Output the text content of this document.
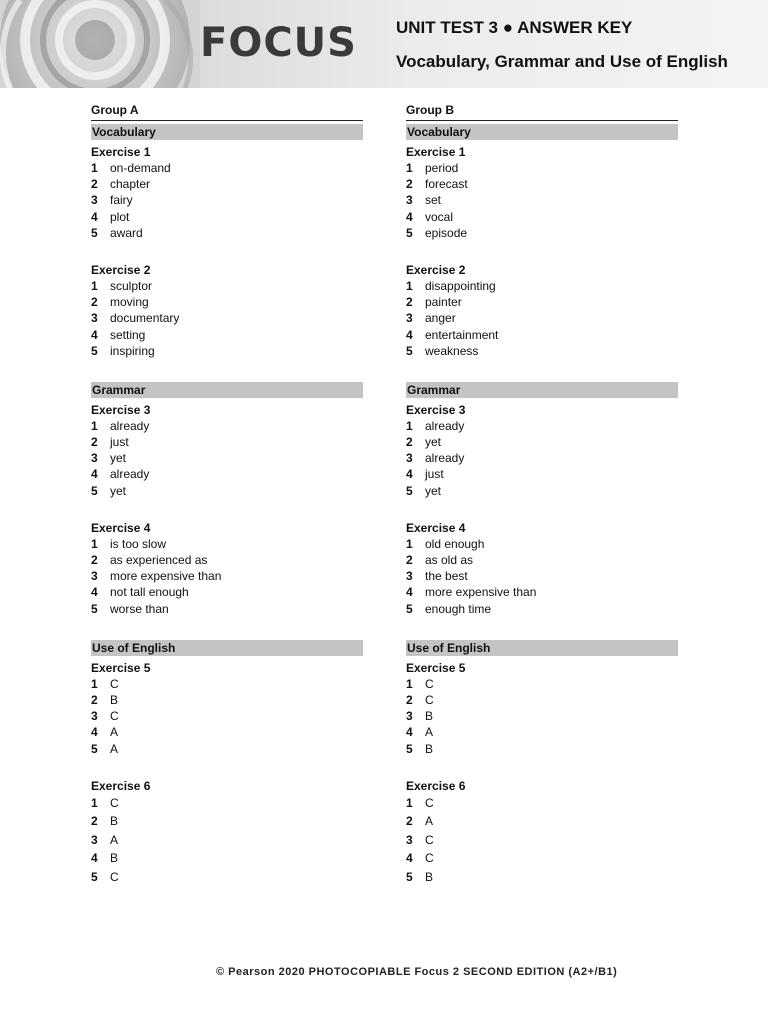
FOCUS UNIT TEST 3 ● ANSWER KEY
Vocabulary, Grammar and Use of English
Group A
Vocabulary
Exercise 1
1 on-demand
2 chapter
3 fairy
4 plot
5 award
Exercise 2
1 sculptor
2 moving
3 documentary
4 setting
5 inspiring
Grammar
Exercise 3
1 already
2 just
3 yet
4 already
5 yet
Exercise 4
1 is too slow
2 as experienced as
3 more expensive than
4 not tall enough
5 worse than
Use of English
Exercise 5
1 C
2 B
3 C
4 A
5 A
Exercise 6
1 C
2 B
3 A
4 B
5 C
Group B
Vocabulary
Exercise 1
1 period
2 forecast
3 set
4 vocal
5 episode
Exercise 2
1 disappointing
2 painter
3 anger
4 entertainment
5 weakness
Grammar
Exercise 3
1 already
2 yet
3 already
4 just
5 yet
Exercise 4
1 old enough
2 as old as
3 the best
4 more expensive than
5 enough time
Use of English
Exercise 5
1 C
2 C
3 B
4 A
5 B
Exercise 6
1 C
2 A
3 C
4 C
5 B
© Pearson 2020 PHOTOCOPIABLE Focus 2 SECOND EDITION (A2+/B1)
